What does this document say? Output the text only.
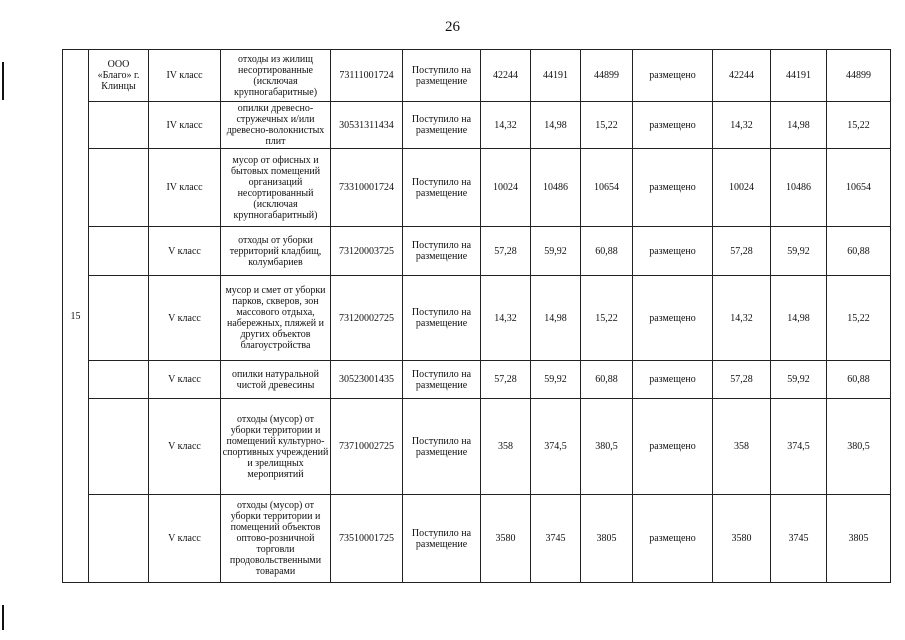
26
15	ООО «Благо» г. Клинцы	IV класс	отходы из жилищ несортированные (исключая крупногабаритные)	73111001724	Поступило на размещение	42244	44191	44899	размещено	42244	44191	44899
		IV класс	опилки древесно-стружечных и/или древесно-волокнистых плит	30531311434	Поступило на размещение	14,32	14,98	15,22	размещено	14,32	14,98	15,22
		IV класс	мусор от офисных и бытовых помещений организаций несортированный (исключая крупногабаритный)	73310001724	Поступило на размещение	10024	10486	10654	размещено	10024	10486	10654
		V класс	отходы от уборки территорий кладбищ, колумбариев	73120003725	Поступило на размещение	57,28	59,92	60,88	размещено	57,28	59,92	60,88
		V класс	мусор и смет от уборки парков, скверов, зон массового отдыха, набережных, пляжей и других объектов благоустройства	73120002725	Поступило на размещение	14,32	14,98	15,22	размещено	14,32	14,98	15,22
		V класс	опилки натуральной чистой древесины	30523001435	Поступило на размещение	57,28	59,92	60,88	размещено	57,28	59,92	60,88
		V класс	отходы (мусор) от уборки территории и помещений культурно-спортивных учреждений и зрелищных мероприятий	73710002725	Поступило на размещение	358	374,5	380,5	размещено	358	374,5	380,5
		V класс	отходы (мусор) от уборки территории и помещений объектов оптово-розничной торговли продовольственными товарами	73510001725	Поступило на размещение	3580	3745	3805	размещено	3580	3745	3805
